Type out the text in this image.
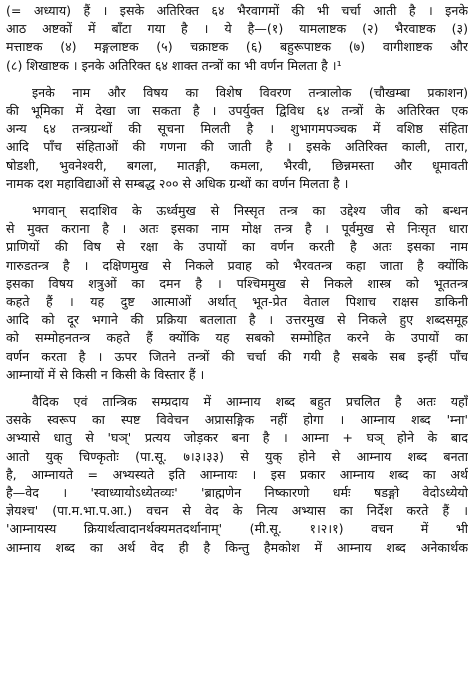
(= अध्याय) हैं । इसके अतिरिक्त ६४ भैरवागमों की भी चर्चा आती है । इनके
आठ अष्टकों में बाँटा गया है । ये है—(१) यामलाष्टक (२) भैरवाष्टक (३)
मत्ताष्टक (४) मङ्गलाष्टक (५) चक्राष्टक (६) बहुरूपाष्टक (७) वागीशाष्टक और
(८) शिखाष्टक । इनके अतिरिक्त ६४ शाक्त तन्त्रों का भी वर्णन मिलता है ।¹
इनके नाम और विषय का विशेष विवरण तन्त्रालोक (चौखम्बा प्रकाशन)
की भूमिका में देखा जा सकता है । उपर्युक्त द्विविध ६४ तन्त्रों के अतिरिक्त एक
अन्य ६४ तन्त्रग्रन्थों की सूचना मिलती है । शुभागमपञ्चक में वशिष्ठ संहिता
आदि पाँच संहिताओं की गणना की जाती है । इसके अतिरिक्त काली, तारा,
षोडशी, भुवनेश्वरी, बगला, मातङ्गी, कमला, भैरवी, छिन्नमस्ता और धूमावती
नामक दश महाविद्याओं से सम्बद्ध २०० से अधिक ग्रन्थों का वर्णन मिलता है ।
भगवान् सदाशिव के ऊर्ध्वमुख से निस्सृत तन्त्र का उद्देश्य जीव को बन्धन
से मुक्त कराना है । अतः इसका नाम मोक्ष तन्त्र है । पूर्वमुख से निःसृत धारा
प्राणियों की विष से रक्षा के उपायों का वर्णन करती है अतः इसका नाम
गारुडतन्त्र है । दक्षिणमुख से निकले प्रवाह को भैरवतन्त्र कहा जाता है क्योंकि
इसका विषय शत्रुओं का दमन है । पश्चिममुख से निकले शास्त्र को भूततन्त्र
कहते हैं । यह दुष्ट आत्माओं अर्थात् भूत-प्रेत वेताल पिशाच राक्षस डाकिनी
आदि को दूर भगाने की प्रक्रिया बतलाता है । उत्तरमुख से निकले हुए शब्दसमूह
को सम्मोहनतन्त्र कहते हैं क्योंकि यह सबको सम्मोहित करने के उपायों का
वर्णन करता है । ऊपर जितने तन्त्रों की चर्चा की गयी है सबके सब इन्हीं पाँच
आम्नायों में से किसी न किसी के विस्तार हैं ।
वैदिक एवं तान्त्रिक सम्प्रदाय में आम्नाय शब्द बहुत प्रचलित है अतः यहाँ
उसके स्वरूप का स्पष्ट विवेचन अप्रासङ्गिक नहीं होगा । आम्नाय शब्द 'म्ना'
अभ्यासे धातु से 'घञ्' प्रत्यय जोड़कर बना है । आम्ना + घञ् होने के बाद
आतो युक् चिण्कृतोः (पा.सू. ७।३।३३) से युक् होने से आम्नाय शब्द बनता
है, आम्नायते = अभ्यस्यते इति आम्नायः । इस प्रकार आम्नाय शब्द का अर्थ
है—वेद । 'स्वाध्यायोऽध्येतव्यः' 'ब्राह्मणेन निष्कारणो धर्मः षडङ्गो वेदोऽध्येयो
ज्ञेयश्च' (पा.म.भा.प.आ.) वचन से वेद के नित्य अभ्यास का निर्देश करते हैं ।
'आम्नायस्य क्रियार्थत्वादानर्थक्यमतदर्थानाम्' (मी.सू. १।२।१) वचन में भी
आम्नाय शब्द का अर्थ वेद ही है किन्तु हैमकोश में आम्नाय शब्द अनेकार्थक
